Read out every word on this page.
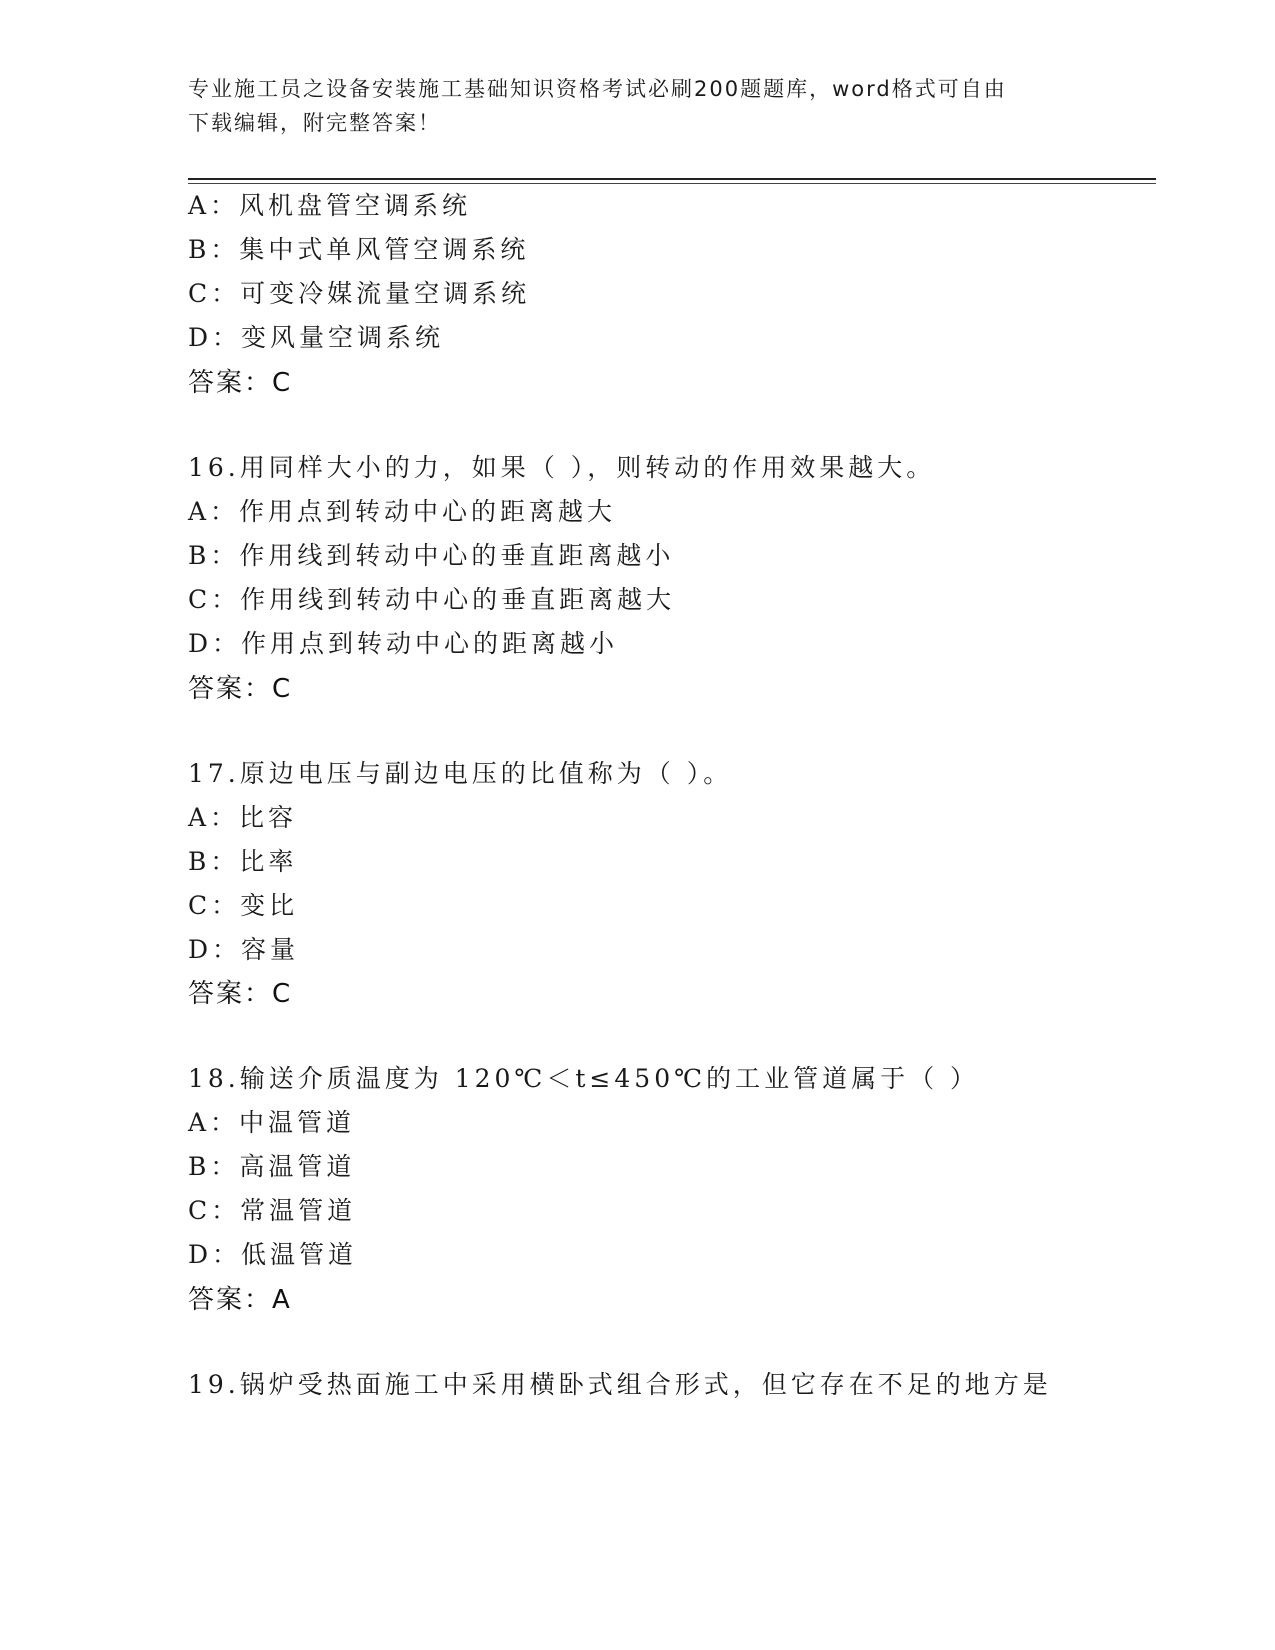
专业施工员之设备安装施工基础知识资格考试必刷200题题库，word格式可自由
下载编辑，附完整答案！
A：风机盘管空调系统
B：集中式单风管空调系统
C：可变冷媒流量空调系统
D：变风量空调系统
答案：C
16.用同样大小的力，如果（ ），则转动的作用效果越大。
A：作用点到转动中心的距离越大
B：作用线到转动中心的垂直距离越小
C：作用线到转动中心的垂直距离越大
D：作用点到转动中心的距离越小
答案：C
17.原边电压与副边电压的比值称为（ ）。
A：比容
B：比率
C：变比
D：容量
答案：C
18.输送介质温度为 120℃＜t≤450℃的工业管道属于（ ）
A：中温管道
B：高温管道
C：常温管道
D：低温管道
答案：A
19.锅炉受热面施工中采用横卧式组合形式，但它存在不足的地方是
